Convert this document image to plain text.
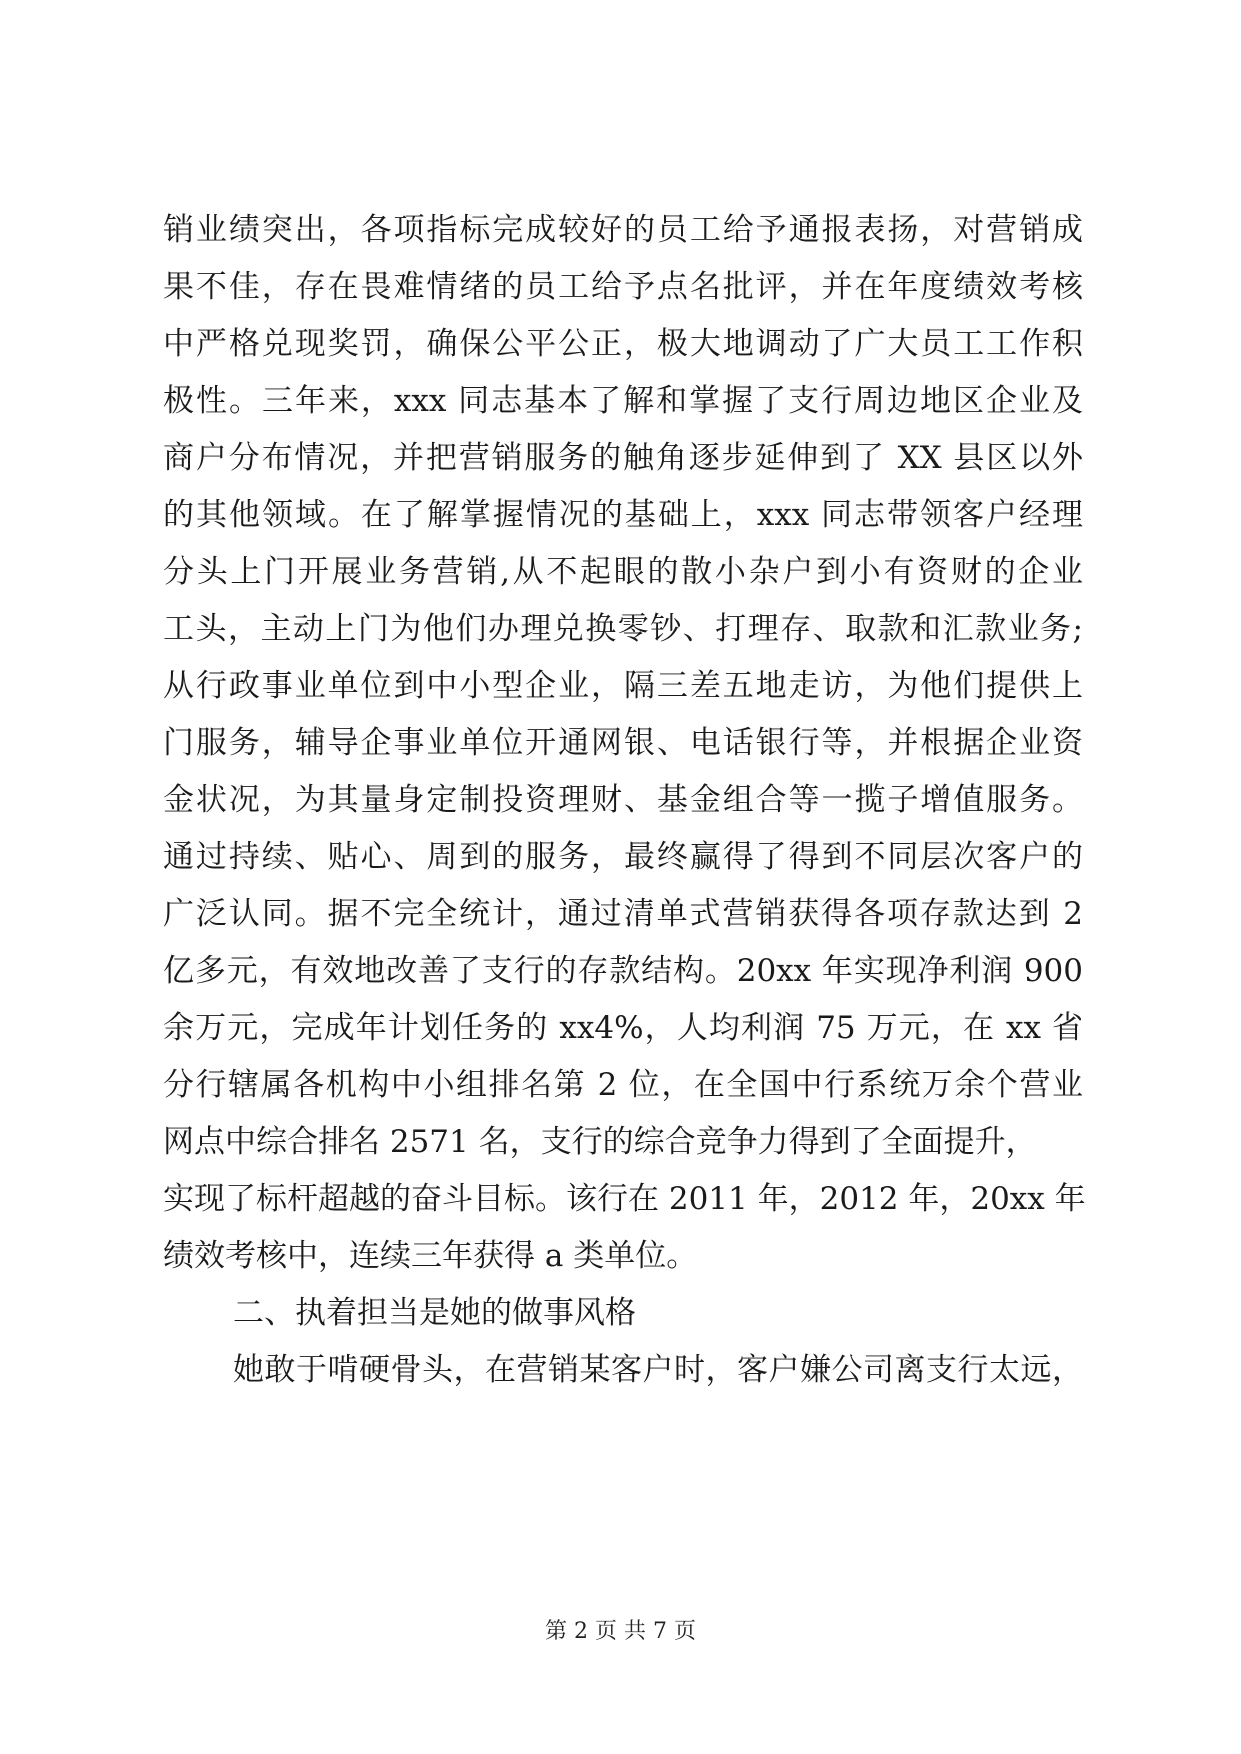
销业绩突出，各项指标完成较好的员工给予通报表扬，对营销成
果不佳，存在畏难情绪的员工给予点名批评，并在年度绩效考核
中严格兑现奖罚，确保公平公正，极大地调动了广大员工工作积
极性。三年来，xxx 同志基本了解和掌握了支行周边地区企业及
商户分布情况，并把营销服务的触角逐步延伸到了 XX 县区以外
的其他领域。在了解掌握情况的基础上，xxx 同志带领客户经理
分头上门开展业务营销,从不起眼的散小杂户到小有资财的企业
工头，主动上门为他们办理兑换零钞、打理存、取款和汇款业务;
从行政事业单位到中小型企业，隔三差五地走访，为他们提供上
门服务，辅导企事业单位开通网银、电话银行等，并根据企业资
金状况，为其量身定制投资理财、基金组合等一揽子增值服务。
通过持续、贴心、周到的服务，最终赢得了得到不同层次客户的
广泛认同。据不完全统计，通过清单式营销获得各项存款达到 2
亿多元，有效地改善了支行的存款结构。20xx 年实现净利润 900
余万元，完成年计划任务的 xx4%，人均利润 75 万元，在 xx 省
分行辖属各机构中小组排名第 2 位，在全国中行系统万余个营业
网点中综合排名 2571 名，支行的综合竞争力得到了全面提升，
实现了标杆超越的奋斗目标。该行在 2011 年，2012 年，20xx 年
绩效考核中，连续三年获得 a 类单位。
二、执着担当是她的做事风格
她敢于啃硬骨头，在营销某客户时，客户嫌公司离支行太远，
第 2 页 共 7 页
